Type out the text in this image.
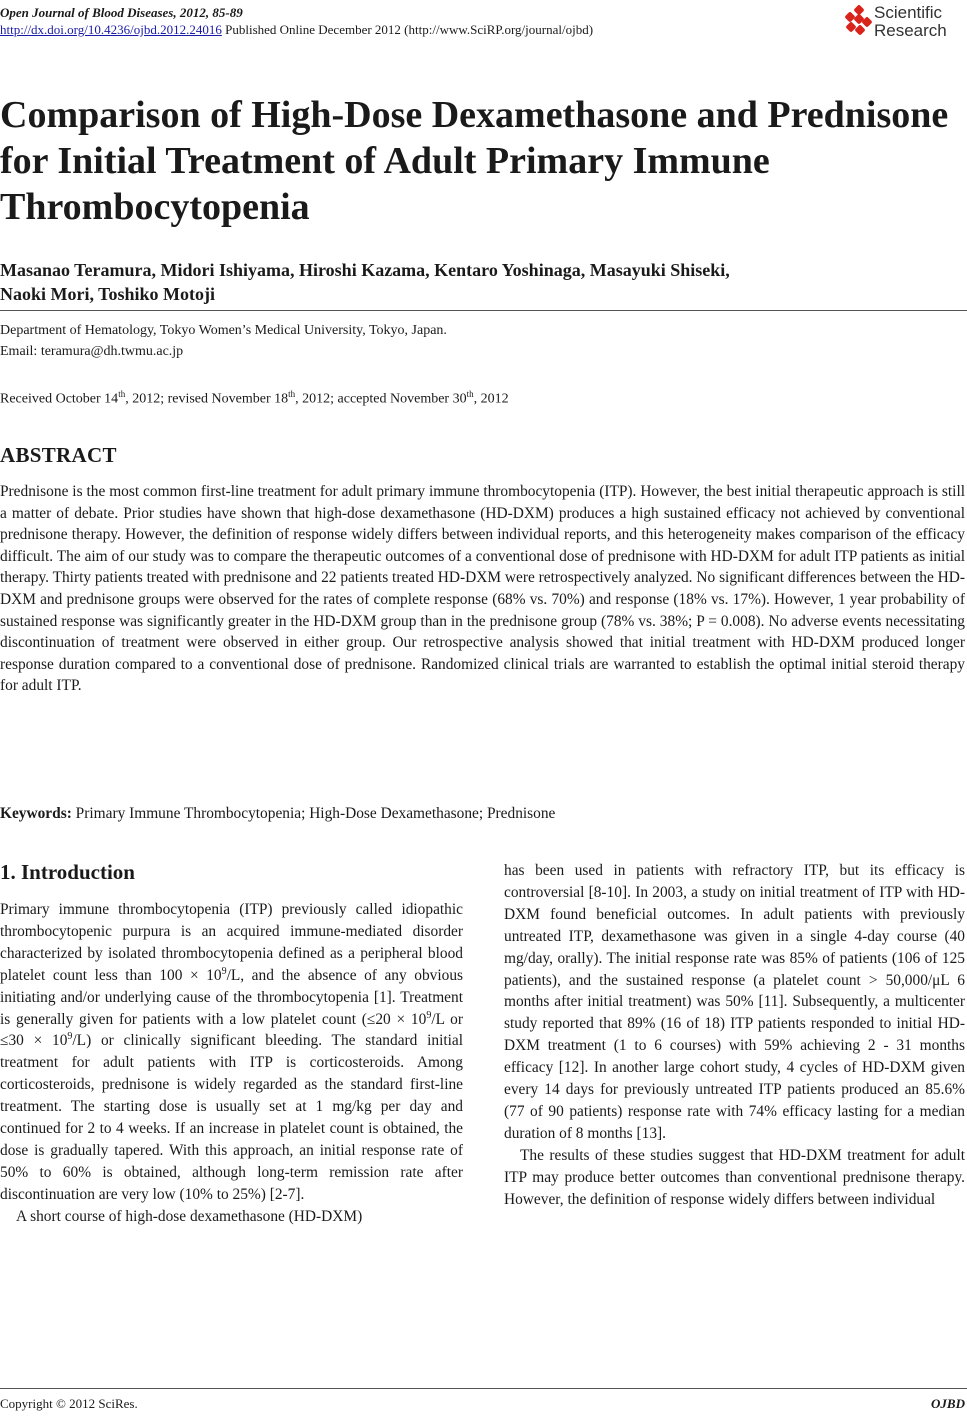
Open Journal of Blood Diseases, 2012, 85-89
http://dx.doi.org/10.4236/ojbd.2012.24016 Published Online December 2012 (http://www.SciRP.org/journal/ojbd)
Scientific
Research
Comparison of High-Dose Dexamethasone and Prednisone for Initial Treatment of Adult Primary Immune Thrombocytopenia
Masanao Teramura, Midori Ishiyama, Hiroshi Kazama, Kentaro Yoshinaga, Masayuki Shiseki,
Naoki Mori, Toshiko Motoji
Department of Hematology, Tokyo Women’s Medical University, Tokyo, Japan.
Email: teramura@dh.twmu.ac.jp
Received October 14th, 2012; revised November 18th, 2012; accepted November 30th, 2012
ABSTRACT

Prednisone is the most common first-line treatment for adult primary immune thrombocytopenia (ITP). However, the best initial therapeutic approach is still a matter of debate. Prior studies have shown that high-dose dexamethasone (HD-DXM) produces a high sustained efficacy not achieved by conventional prednisone therapy. However, the definition of response widely differs between individual reports, and this heterogeneity makes comparison of the efficacy difficult. The aim of our study was to compare the therapeutic outcomes of a conventional dose of prednisone with HD-DXM for adult ITP patients as initial therapy. Thirty patients treated with prednisone and 22 patients treated HD-DXM were retrospectively analyzed. No significant differences between the HD-DXM and prednisone groups were observed for the rates of complete response (68% vs. 70%) and response (18% vs. 17%). However, 1 year probability of sustained response was significantly greater in the HD-DXM group than in the prednisone group (78% vs. 38%; P = 0.008). No adverse events necessitating discontinuation of treatment were observed in either group. Our retrospective analysis showed that initial treatment with HD-DXM produced longer response duration compared to a conventional dose of prednisone. Randomized clinical trials are warranted to establish the optimal initial steroid therapy for adult ITP.

Keywords: Primary Immune Thrombocytopenia; High-Dose Dexamethasone; Prednisone
1. Introduction

Primary immune thrombocytopenia (ITP) previously called idiopathic thrombocytopenic purpura is an acquired immune-mediated disorder characterized by isolated thrombocytopenia defined as a peripheral blood platelet count less than $100 \times 10^9/L$, and the absence of any obvious initiating and/or underlying cause of the thrombocytopenia [1]. Treatment is generally given for patients with a low platelet count ($\le 20 \times 10^9/L$ or $\le 30 \times 10^9/L$) or clinically significant bleeding. The standard initial treatment for adult patients with ITP is corticosteroids. Among corticosteroids, prednisone is widely regarded as the standard first-line treatment. The starting dose is usually set at 1 mg/kg per day and continued for 2 to 4 weeks. If an increase in platelet count is obtained, the dose is gradually tapered. With this approach, an initial response rate of 50% to 60% is obtained, although long-term remission rate after discontinuation are very low (10% to 25%) [2-7].

A short course of high-dose dexamethasone (HD-DXM)

has been used in patients with refractory ITP, but its efficacy is controversial [8-10]. In 2003, a study on initial treatment of ITP with HD-DXM found beneficial outcomes. In adult patients with previously untreated ITP, dexamethasone was given in a single 4-day course (40 mg/day, orally). The initial response rate was 85% of patients (106 of 125 patients), and the sustained response (a platelet count > 50,000/μL 6 months after initial treatment) was 50% [11]. Subsequently, a multicenter study reported that 89% (16 of 18) ITP patients responded to initial HD-DXM treatment (1 to 6 courses) with 59% achieving 2 - 31 months efficacy [12]. In another large cohort study, 4 cycles of HD-DXM given every 14 days for previously untreated ITP patients produced an 85.6% (77 of 90 patients) response rate with 74% efficacy lasting for a median duration of 8 months [13].

The results of these studies suggest that HD-DXM treatment for adult ITP may produce better outcomes than conventional prednisone therapy. However, the definition of response widely differs between individual

Copyright © 2012 SciRes.	OJBD
